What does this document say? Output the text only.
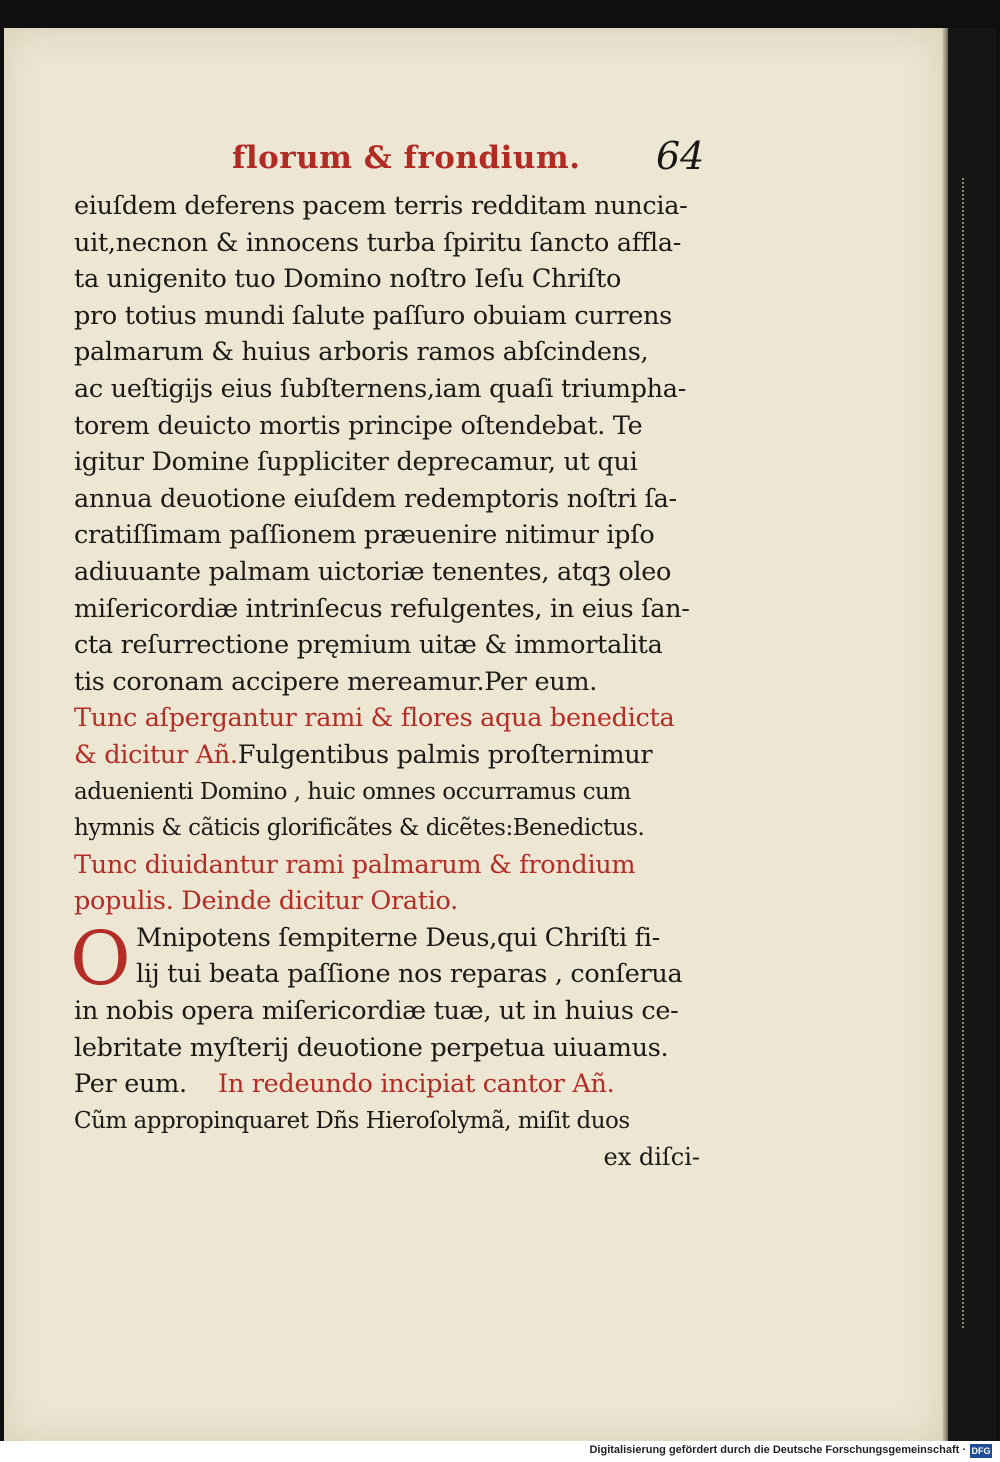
florum & frondium. 64
eiuſdem deferens pacem terris redditam nuncia-
uit,necnon & innocens turba ſpiritu ſancto affla-
ta unigenito tuo Domino noſtro Ieſu Chriſto
pro totius mundi ſalute paſſuro obuiam currens
palmarum & huius arboris ramos abſcindens,
ac ueſtigijs eius ſubſternens,iam quaſi triumpha-
torem deuicto mortis principe oſtendebat. Te
igitur Domine ſuppliciter deprecamur, ut qui
annua deuotione eiuſdem redemptoris noſtri ſa-
cratiſſimam paſſionem præuenire nitimur ipſo
adiuuante palmam uictoriæ tenentes, atqꝫ oleo
miſericordiæ intrinſecus refulgentes, in eius ſan-
cta reſurrectione pręmium uitæ & immortalita
tis coronam accipere mereamur.Per eum.
Tunc aſpergantur rami & flores aqua benedicta
& dicitur Añ.Fulgentibus palmis proſternimur
aduenienti Domino , huic omnes occurramus cum
hymnis & cãticis glorificãtes & dicẽtes:Benedictus.
Tunc diuidantur rami palmarum & frondium
populis. Deinde dicitur Oratio.
O Mnipotens ſempiterne Deus,qui Chriſti fi-
lij tui beata paſſione nos reparas , conſerua
in nobis opera miſericordiæ tuæ, ut in huius ce-
lebritate myſterij deuotione perpetua uiuamus.
Per eum. In redeundo incipiat cantor Añ.
Cũm appropinquaret Dñs Hieroſolymã, miſit duos
ex diſci-
Digitalisierung gefördert durch die Deutsche Forschungsgemeinschaft · DFG
